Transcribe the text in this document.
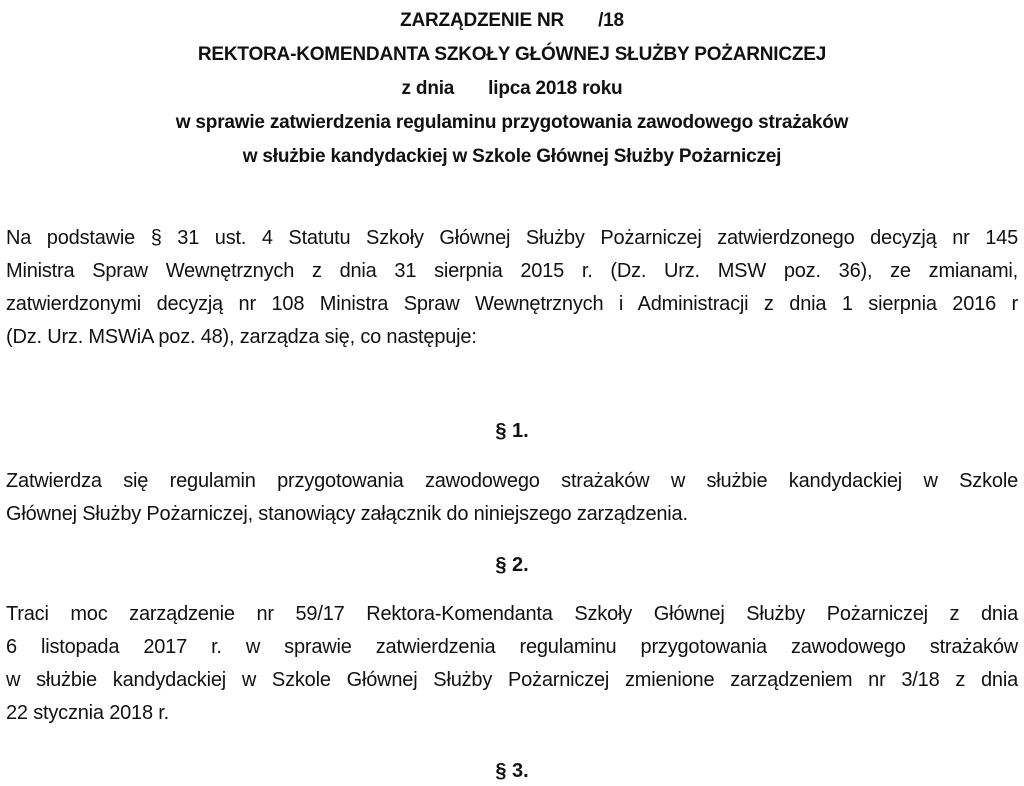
ZARZĄDZENIE NR /18
REKTORA-KOMENDANTA SZKOŁY GŁÓWNEJ SŁUŻBY POŻARNICZEJ
z dnia lipca 2018 roku
w sprawie zatwierdzenia regulaminu przygotowania zawodowego strażaków
w służbie kandydackiej w Szkole Głównej Służby Pożarniczej
Na podstawie § 31 ust. 4 Statutu Szkoły Głównej Służby Pożarniczej zatwierdzonego decyzją nr 145
Ministra Spraw Wewnętrznych z dnia 31 sierpnia 2015 r. (Dz. Urz. MSW poz. 36), ze zmianami,
zatwierdzonymi decyzją nr 108 Ministra Spraw Wewnętrznych i Administracji z dnia 1 sierpnia 2016 r
(Dz. Urz. MSWiA poz. 48), zarządza się, co następuje:
§ 1.
Zatwierdza się regulamin przygotowania zawodowego strażaków w służbie kandydackiej w Szkole
Głównej Służby Pożarniczej, stanowiący załącznik do niniejszego zarządzenia.
§ 2.
Traci moc zarządzenie nr 59/17 Rektora-Komendanta Szkoły Głównej Służby Pożarniczej z dnia
6 listopada 2017 r. w sprawie zatwierdzenia regulaminu przygotowania zawodowego strażaków
w służbie kandydackiej w Szkole Głównej Służby Pożarniczej zmienione zarządzeniem nr 3/18 z dnia
22 stycznia 2018 r.
§ 3.
